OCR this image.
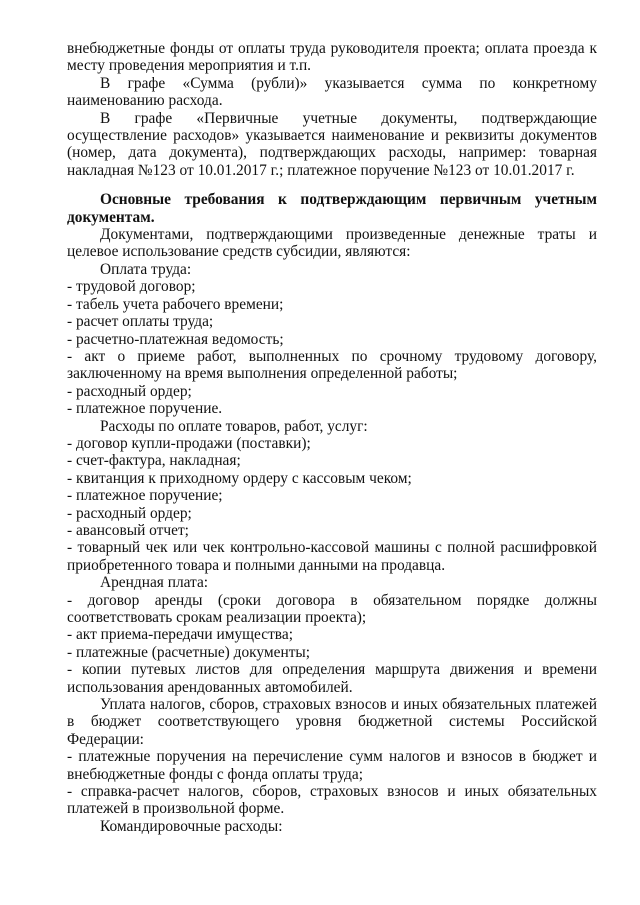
внебюджетные фонды от оплаты труда руководителя проекта; оплата проезда к месту проведения мероприятия и т.п.

В графе «Сумма (рубли)» указывается сумма по конкретному наименованию расхода.

В графе «Первичные учетные документы, подтверждающие осуществление расходов» указывается наименование и реквизиты документов (номер, дата документа), подтверждающих расходы, например: товарная накладная №123 от 10.01.2017 г.; платежное поручение №123 от 10.01.2017 г.

Основные требования к подтверждающим первичным учетным документам.

Документами, подтверждающими произведенные денежные траты и целевое использование средств субсидии, являются:

Оплата труда:

- трудовой договор;

- табель учета рабочего времени;

- расчет оплаты труда;

- расчетно-платежная ведомость;

- акт о приеме работ, выполненных по срочному трудовому договору, заключенному на время выполнения определенной работы;

- расходный ордер;

- платежное поручение.

Расходы по оплате товаров, работ, услуг:

- договор купли-продажи (поставки);

- счет-фактура, накладная;

- квитанция к приходному ордеру с кассовым чеком;

- платежное поручение;

- расходный ордер;

- авансовый отчет;

- товарный чек или чек контрольно-кассовой машины с полной расшифровкой приобретенного товара и полными данными на продавца.

Арендная плата:

- договор аренды (сроки договора в обязательном порядке должны соответствовать срокам реализации проекта);

- акт приема-передачи имущества;

- платежные (расчетные) документы;

- копии путевых листов для определения маршрута движения и времени использования арендованных автомобилей.

Уплата налогов, сборов, страховых взносов и иных обязательных платежей в бюджет соответствующего уровня бюджетной системы Российской Федерации:

- платежные поручения на перечисление сумм налогов и взносов в бюджет и внебюджетные фонды с фонда оплаты труда;

- справка-расчет налогов, сборов, страховых взносов и иных обязательных платежей в произвольной форме.

Командировочные расходы:
